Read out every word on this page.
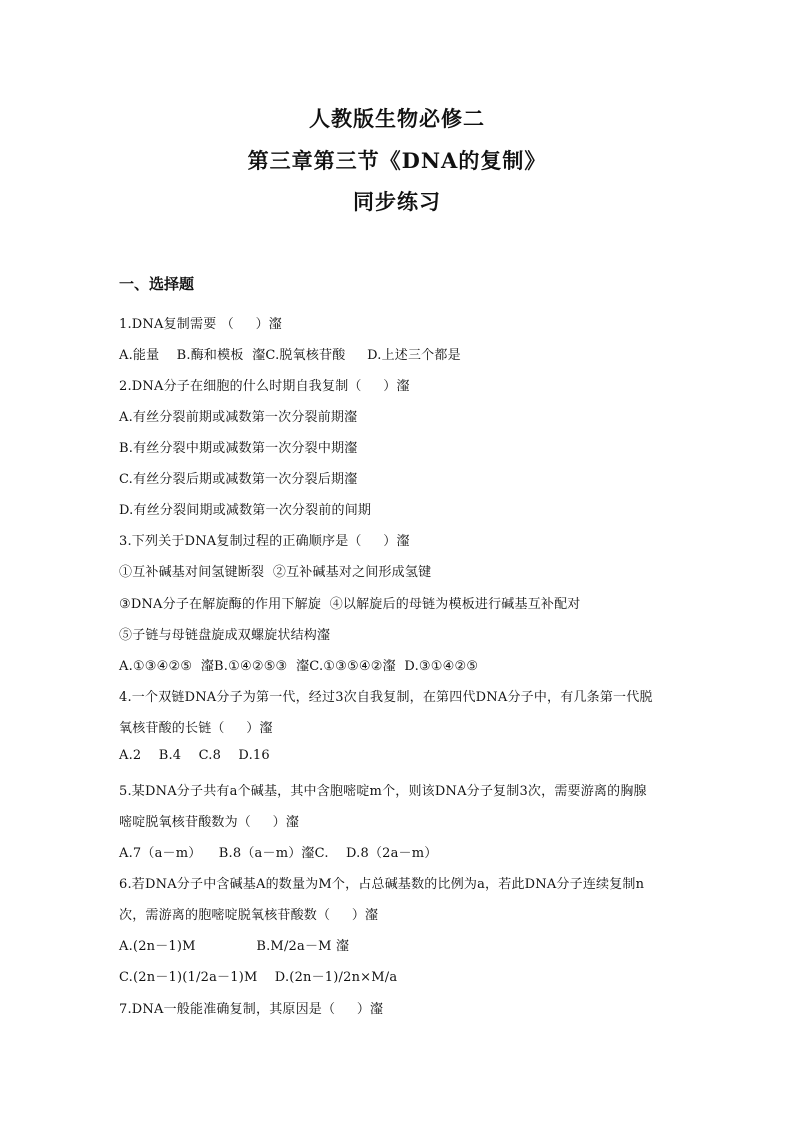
人教版生物必修二
第三章第三节《DNA的复制》
同步练习
一、选择题
1.DNA复制需要 （     ）瀣
A.能量    B.酶和模板  瀣C.脱氧核苷酸     D.上述三个都是
2.DNA分子在细胞的什么时期自我复制（     ）瀣
A.有丝分裂前期或减数第一次分裂前期瀣
B.有丝分裂中期或减数第一次分裂中期瀣
C.有丝分裂后期或减数第一次分裂后期瀣
D.有丝分裂间期或减数第一次分裂前的间期
3.下列关于DNA复制过程的正确顺序是（     ）瀣
①互补碱基对间氢键断裂  ②互补碱基对之间形成氢键
③DNA分子在解旋酶的作用下解旋  ④以解旋后的母链为模板进行碱基互补配对
⑤子链与母链盘旋成双螺旋状结构瀣
A.①③④②⑤  瀣B.①④②⑤③  瀣C.①③⑤④②瀣  D.③①④②⑤
4.一个双链DNA分子为第一代，经过3次自我复制，在第四代DNA分子中，有几条第一代脱
氧核苷酸的长链（     ）瀣
A.2    B.4    C.8    D.16
5.某DNA分子共有a个碱基，其中含胞嘧啶m个，则该DNA分子复制3次，需要游离的胸腺
嘧啶脱氧核苷酸数为（     ）瀣
A.7（a－m）    B.8（a－m）瀣C.    D.8（2a－m）
6.若DNA分子中含碱基A的数量为M个，占总碱基数的比例为a，若此DNA分子连续复制n
次，需游离的胞嘧啶脱氧核苷酸数（     ）瀣
A.(2n－1)M              B.M/2a－M 瀣
C.(2n－1)(1/2a－1)M    D.(2n－1)/2n×M/a
7.DNA一般能准确复制，其原因是（     ）瀣
